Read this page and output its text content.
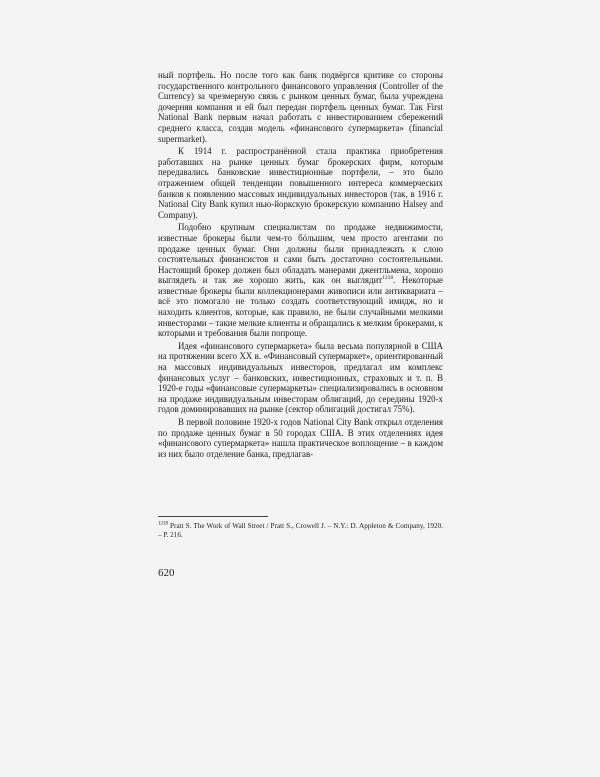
ный портфель. Но после того как банк подвёргся критике со стороны государственного контрольного финансового управления (Controller of the Currency) за чрезмерную связь с рынком ценных бумаг, была учреждена дочерняя компания и ей был передан портфель ценных бумаг. Так First National Bank первым начал работать с инвестированием сбережений среднего класса, создав модель «финансового супермаркета» (financial supermarket).

К 1914 г. распространённой стала практика приобретения работавших на рынке ценных бумаг брокерских фирм, которым передавались банковские инвестиционные портфели, – это было отражением общей тенденции повышенного интереса коммерческих банков к появлению массовых индивидуальных инвесторов (так, в 1916 г. National City Bank купил нью-йоркскую брокерскую компанию Halsey and Company).

Подобно крупным специалистам по продаже недвижимости, известные брокеры были чем-то бóльшим, чем просто агентами по продаже ценных бумаг. Они должны были принадлежать к слою состоятельных финансистов и сами быть достаточно состоятельными. Настоящий брокер должен был обладать манерами джентльмена, хорошо выглядеть и так же хорошо жить, как он выглядит$^{1218}$. Некоторые известные брокеры были коллекционерами живописи или антиквариата – всё это помогало не только создать соответствующий имидж, но и находить клиентов, которые, как правило, не были случайными мелкими инвесторами – такие мелкие клиенты и обращались к мелким брокерами, к которыми и требования были попроще.

Идея «финансового супермаркета» была весьма популярной в США на протяжении всего XX в. «Финансовый супермаркет», ориентированный на массовых индивидуальных инвесторов, предлагал им комплекс финансовых услуг – банковских, инвестиционных, страховых и т. п. В 1920-е годы «финансовые супермаркеты» специализировались в основном на продаже индивидуальным инвесторам облигаций, до середины 1920-х годов доминировавших на рынке (сектор облигаций достигал 75%).

В первой половине 1920-х годов National City Bank открыл отделения по продаже ценных бумаг в 50 городах США. В этих отделениях идея «финансового супермаркета» нашла практическое воплощение – в каждом из них было отделение банка, предлагав-

$^{1218}$ Pratt S. The Work of Wall Street / Pratt S., Crowell J. – N.Y.: D. Appleton & Company, 1920. – P. 216.
620
